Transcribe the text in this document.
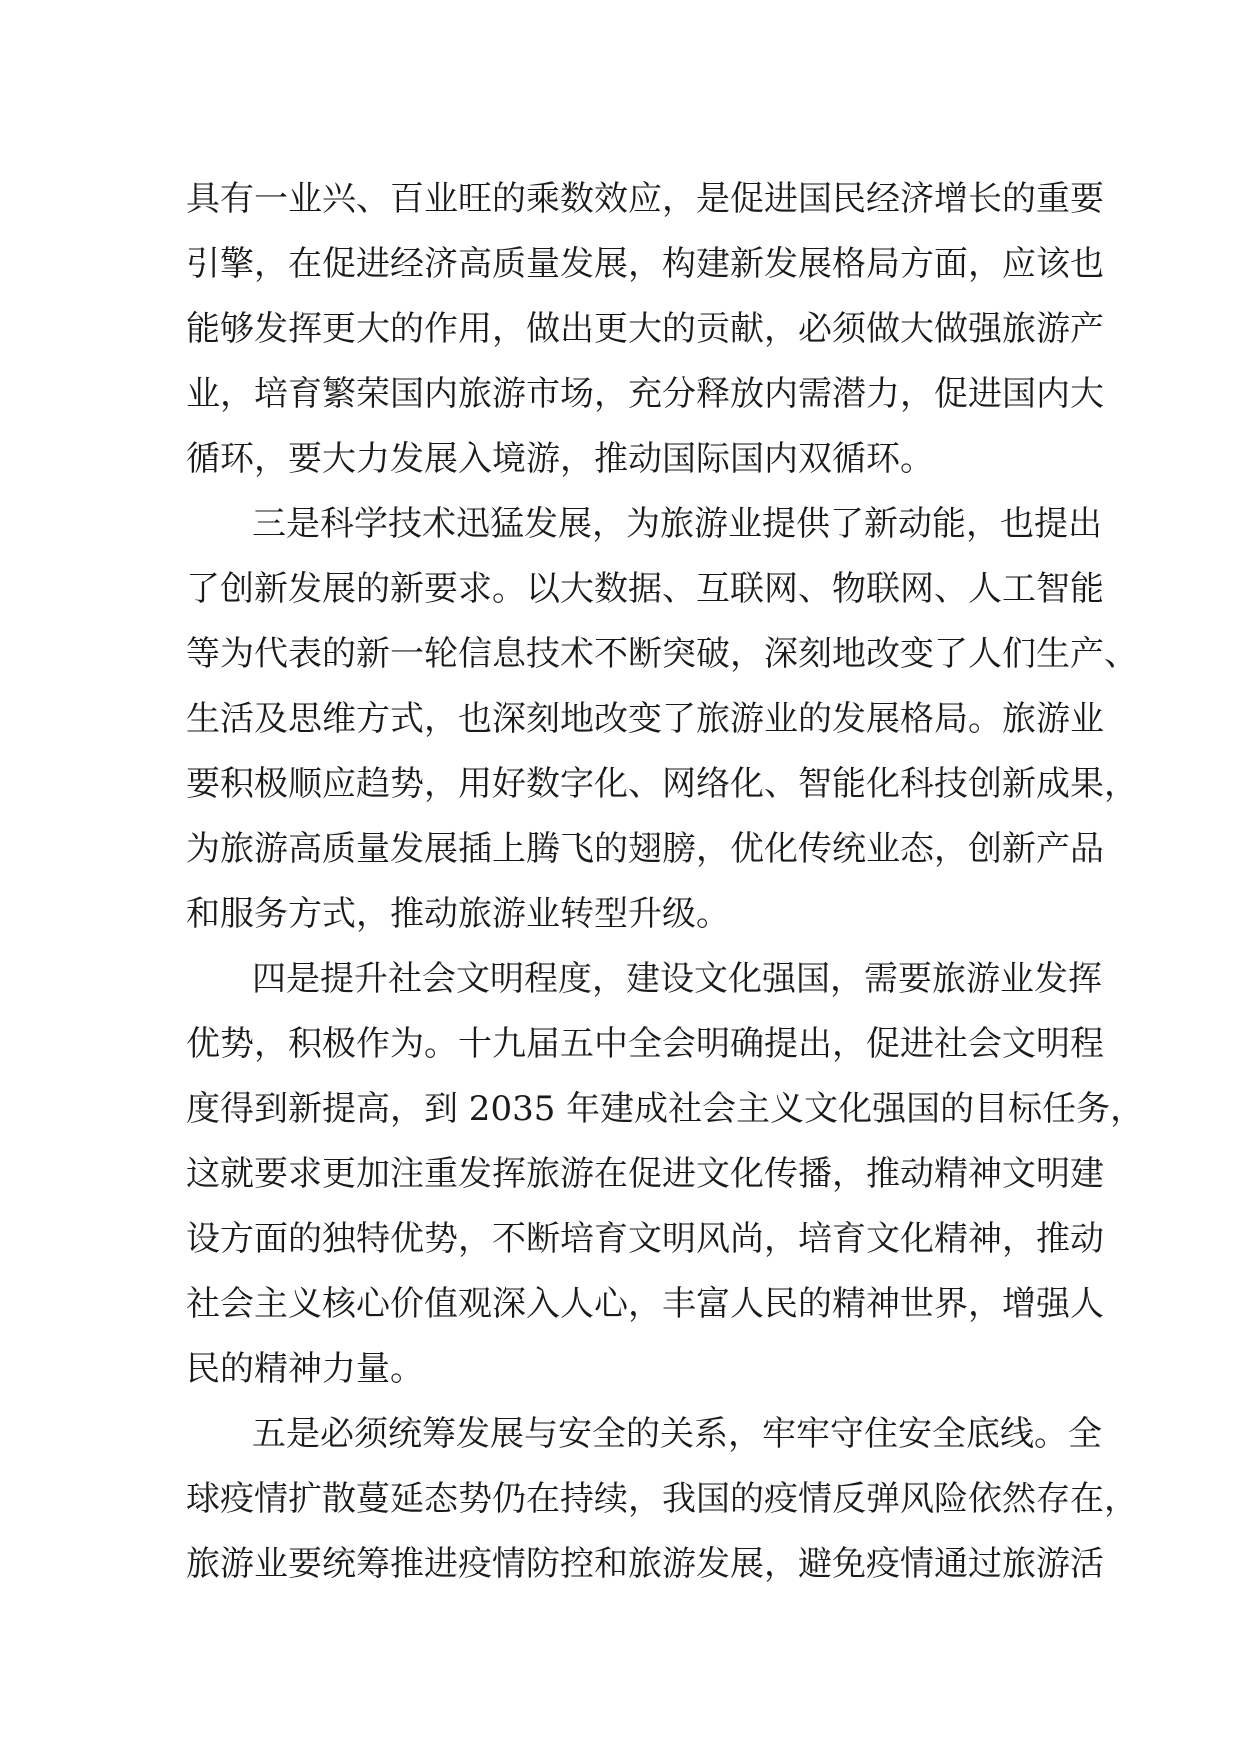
具有一业兴、百业旺的乘数效应，是促进国民经济增长的重要
引擎，在促进经济高质量发展，构建新发展格局方面，应该也
能够发挥更大的作用，做出更大的贡献，必须做大做强旅游产
业，培育繁荣国内旅游市场，充分释放内需潜力，促进国内大
循环，要大力发展入境游，推动国际国内双循环。
三是科学技术迅猛发展，为旅游业提供了新动能，也提出
了创新发展的新要求。以大数据、互联网、物联网、人工智能
等为代表的新一轮信息技术不断突破，深刻地改变了人们生产、
生活及思维方式，也深刻地改变了旅游业的发展格局。旅游业
要积极顺应趋势，用好数字化、网络化、智能化科技创新成果，
为旅游高质量发展插上腾飞的翅膀，优化传统业态，创新产品
和服务方式，推动旅游业转型升级。
四是提升社会文明程度，建设文化强国，需要旅游业发挥
优势，积极作为。十九届五中全会明确提出，促进社会文明程
度得到新提高，到 2035 年建成社会主义文化强国的目标任务，
这就要求更加注重发挥旅游在促进文化传播，推动精神文明建
设方面的独特优势，不断培育文明风尚，培育文化精神，推动
社会主义核心价值观深入人心，丰富人民的精神世界，增强人
民的精神力量。
五是必须统筹发展与安全的关系，牢牢守住安全底线。全
球疫情扩散蔓延态势仍在持续，我国的疫情反弹风险依然存在，
旅游业要统筹推进疫情防控和旅游发展，避免疫情通过旅游活
